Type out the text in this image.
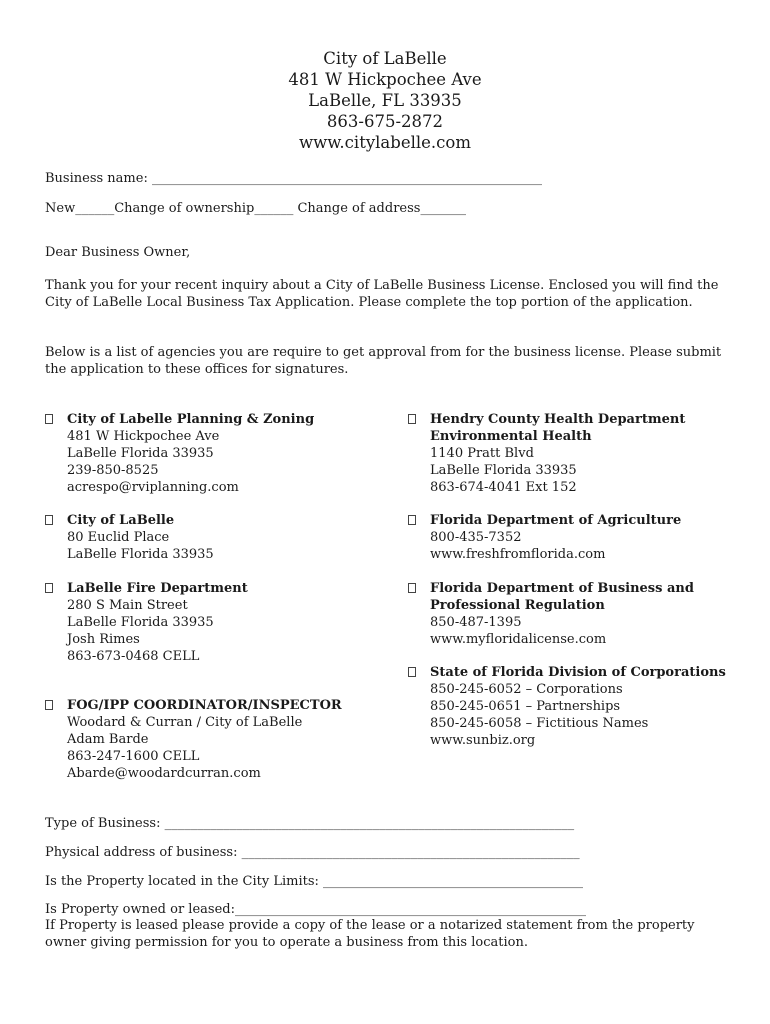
City of LaBelle
481 W Hickpochee Ave
LaBelle, FL 33935
863-675-2872
www.citylabelle.com
Business name: ____________________________________________________________
New______Change of ownership______ Change of address_______
Dear Business Owner,
Thank you for your recent inquiry about a City of LaBelle Business License. Enclosed you will find the City of LaBelle Local Business Tax Application. Please complete the top portion of the application.
Below is a list of agencies you are require to get approval from for the business license. Please submit the application to these offices for signatures.
City of Labelle Planning & Zoning
481 W Hickpochee Ave
LaBelle Florida 33935
239-850-8525
acrespo@rviplanning.com
City of LaBelle
80 Euclid Place
LaBelle Florida 33935
LaBelle Fire Department
280 S Main Street
LaBelle Florida 33935
Josh Rimes
863-673-0468 CELL
FOG/IPP COORDINATOR/INSPECTOR
Woodard & Curran / City of LaBelle
Adam Barde
863-247-1600 CELL
Abarde@woodardcurran.com
Hendry County Health Department
Environmental Health
1140 Pratt Blvd
LaBelle Florida 33935
863-674-4041 Ext 152
Florida Department of Agriculture
800-435-7352
www.freshfromflorida.com
Florida Department of Business and
Professional Regulation
850-487-1395
www.myfloridalicense.com
State of Florida Division of Corporations
850-245-6052 – Corporations
850-245-0651 – Partnerships
850-245-6058 – Fictitious Names
www.sunbiz.org
Type of Business: _______________________________________________________________
Physical address of business: ____________________________________________________
Is the Property located in the City Limits: ________________________________________
Is Property owned or leased:______________________________________________________
If Property is leased please provide a copy of the lease or a notarized statement from the property owner giving permission for you to operate a business from this location.
